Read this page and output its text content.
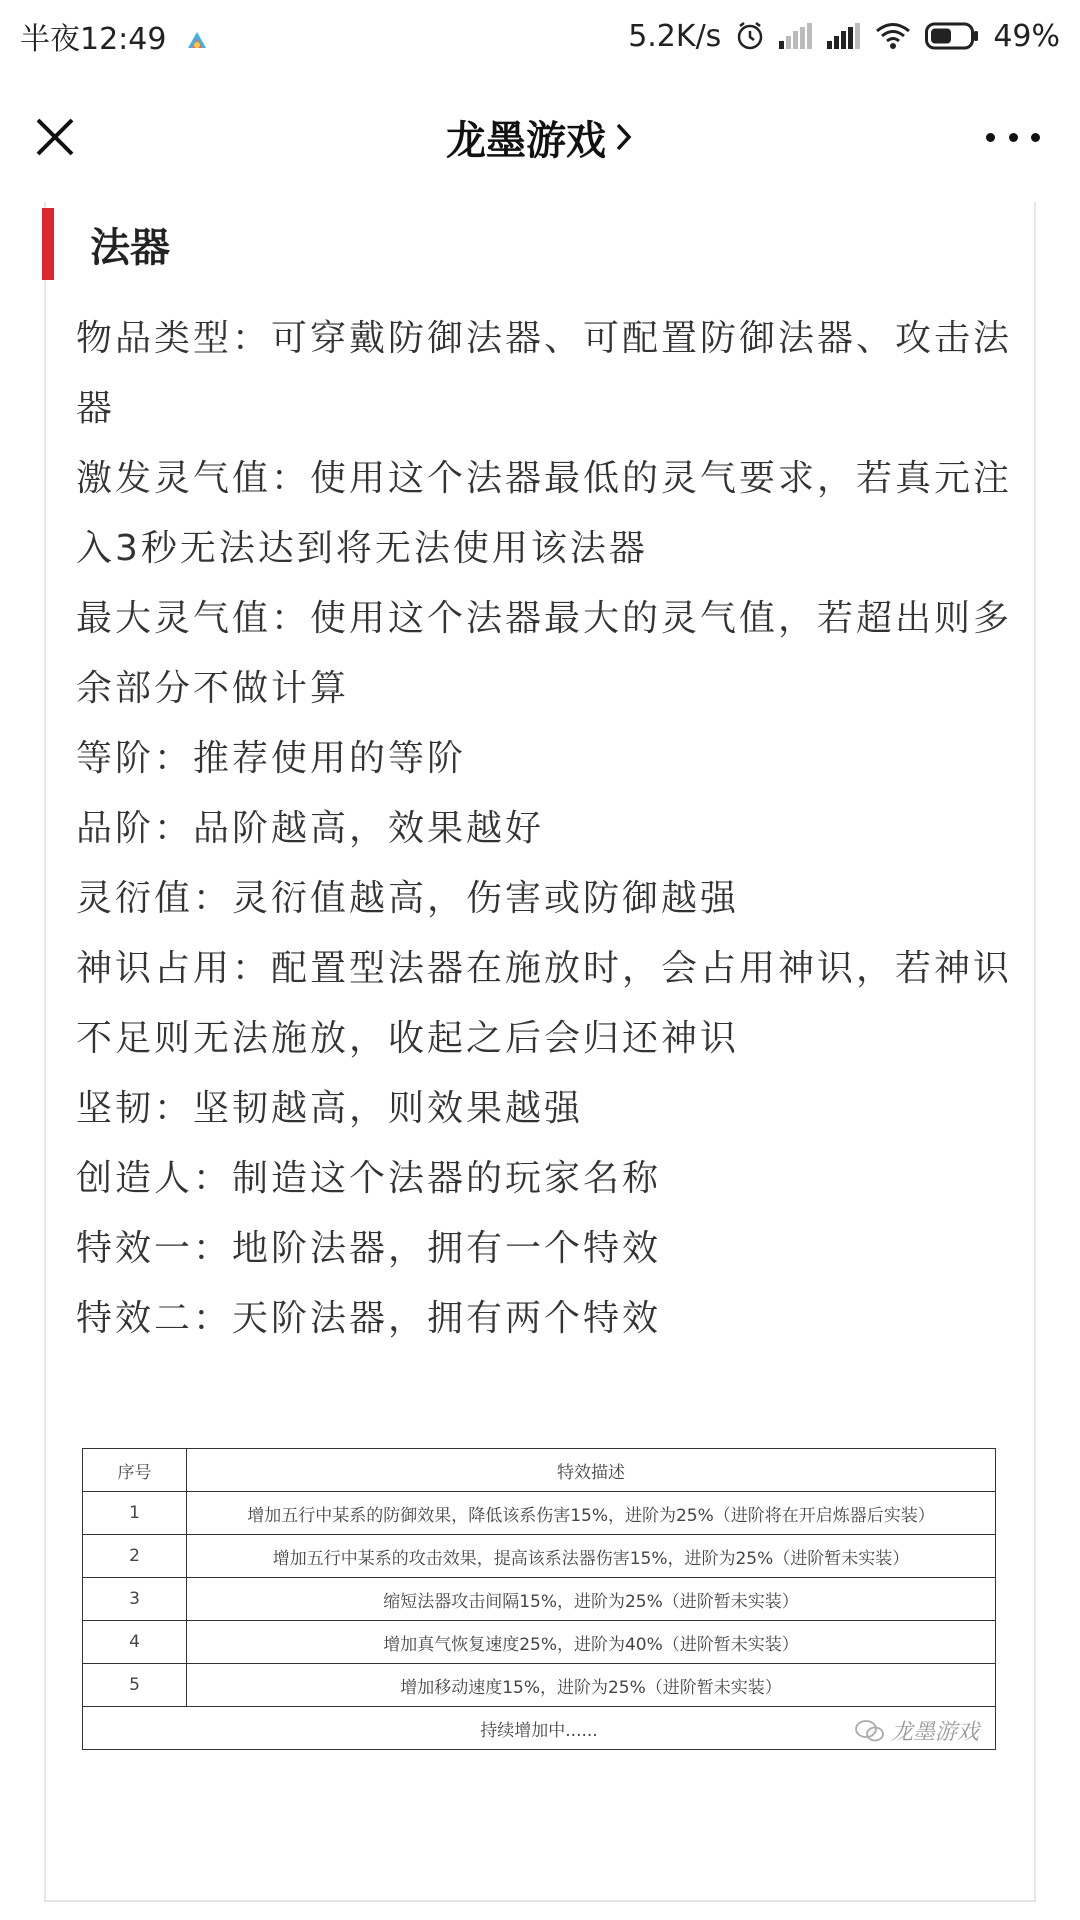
半夜12:49	5.2K/s	49%
龙墨游戏
法器

物品类型：可穿戴防御法器、可配置防御法器、攻击法器

激发灵气值：使用这个法器最低的灵气要求，若真元注入3秒无法达到将无法使用该法器

最大灵气值：使用这个法器最大的灵气值，若超出则多余部分不做计算

等阶：推荐使用的等阶

品阶：品阶越高，效果越好

灵衍值：灵衍值越高，伤害或防御越强

神识占用：配置型法器在施放时，会占用神识，若神识不足则无法施放，收起之后会归还神识

坚韧：坚韧越高，则效果越强

创造人：制造这个法器的玩家名称

特效一：地阶法器，拥有一个特效

特效二：天阶法器，拥有两个特效

序号	特效描述
1	增加五行中某系的防御效果，降低该系伤害15%，进阶为25%（进阶将在开启炼器后实装）
2	增加五行中某系的攻击效果，提高该系法器伤害15%，进阶为25%（进阶暂未实装）
3	缩短法器攻击间隔15%，进阶为25%（进阶暂未实装）
4	增加真气恢复速度25%，进阶为40%（进阶暂未实装）
5	增加移动速度15%，进阶为25%（进阶暂未实装）
持续增加中...... 龙墨游戏	
